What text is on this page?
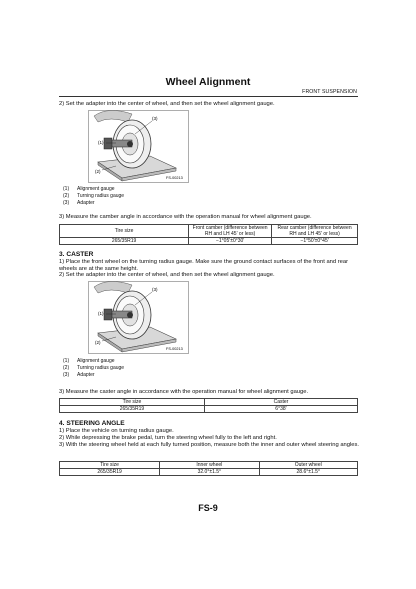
Wheel Alignment
FRONT SUSPENSION
2) Set the adapter into the center of wheel, and then set the wheel alignment gauge.
(3)
(1)
(2)
FS-00213
(1) Alignment gauge
(2) Turning radius gauge
(3) Adapter
3) Measure the camber angle in accordance with the operation manual for wheel alignment gauge.
Tire size	Front camber (difference between RH and LH 45' or less)	Rear camber (difference between RH and LH 45' or less)
265/35R19	−1°05'±0°30'	−1°50'±0°45'
3. CASTER
1) Place the front wheel on the turning radius gauge. Make sure the ground contact surfaces of the front and rear wheels are at the same height.
2) Set the adapter into the center of wheel, and then set the wheel alignment gauge.
(3)
(1)
(2)
FS-00213
(1) Alignment gauge
(2) Turning radius gauge
(3) Adapter
3) Measure the caster angle in accordance with the operation manual for wheel alignment gauge.
Tire size	Caster
265/35R19	6°38'
4. STEERING ANGLE
1) Place the vehicle on turning radius gauge.
2) While depressing the brake pedal, turn the steering wheel fully to the left and right.
3) With the steering wheel held at each fully turned position, measure both the inner and outer wheel steering angles.
Tire size	Inner wheel	Outer wheel
265/35R19	32.0°±1.5°	28.6°±1.5°
FS-9
